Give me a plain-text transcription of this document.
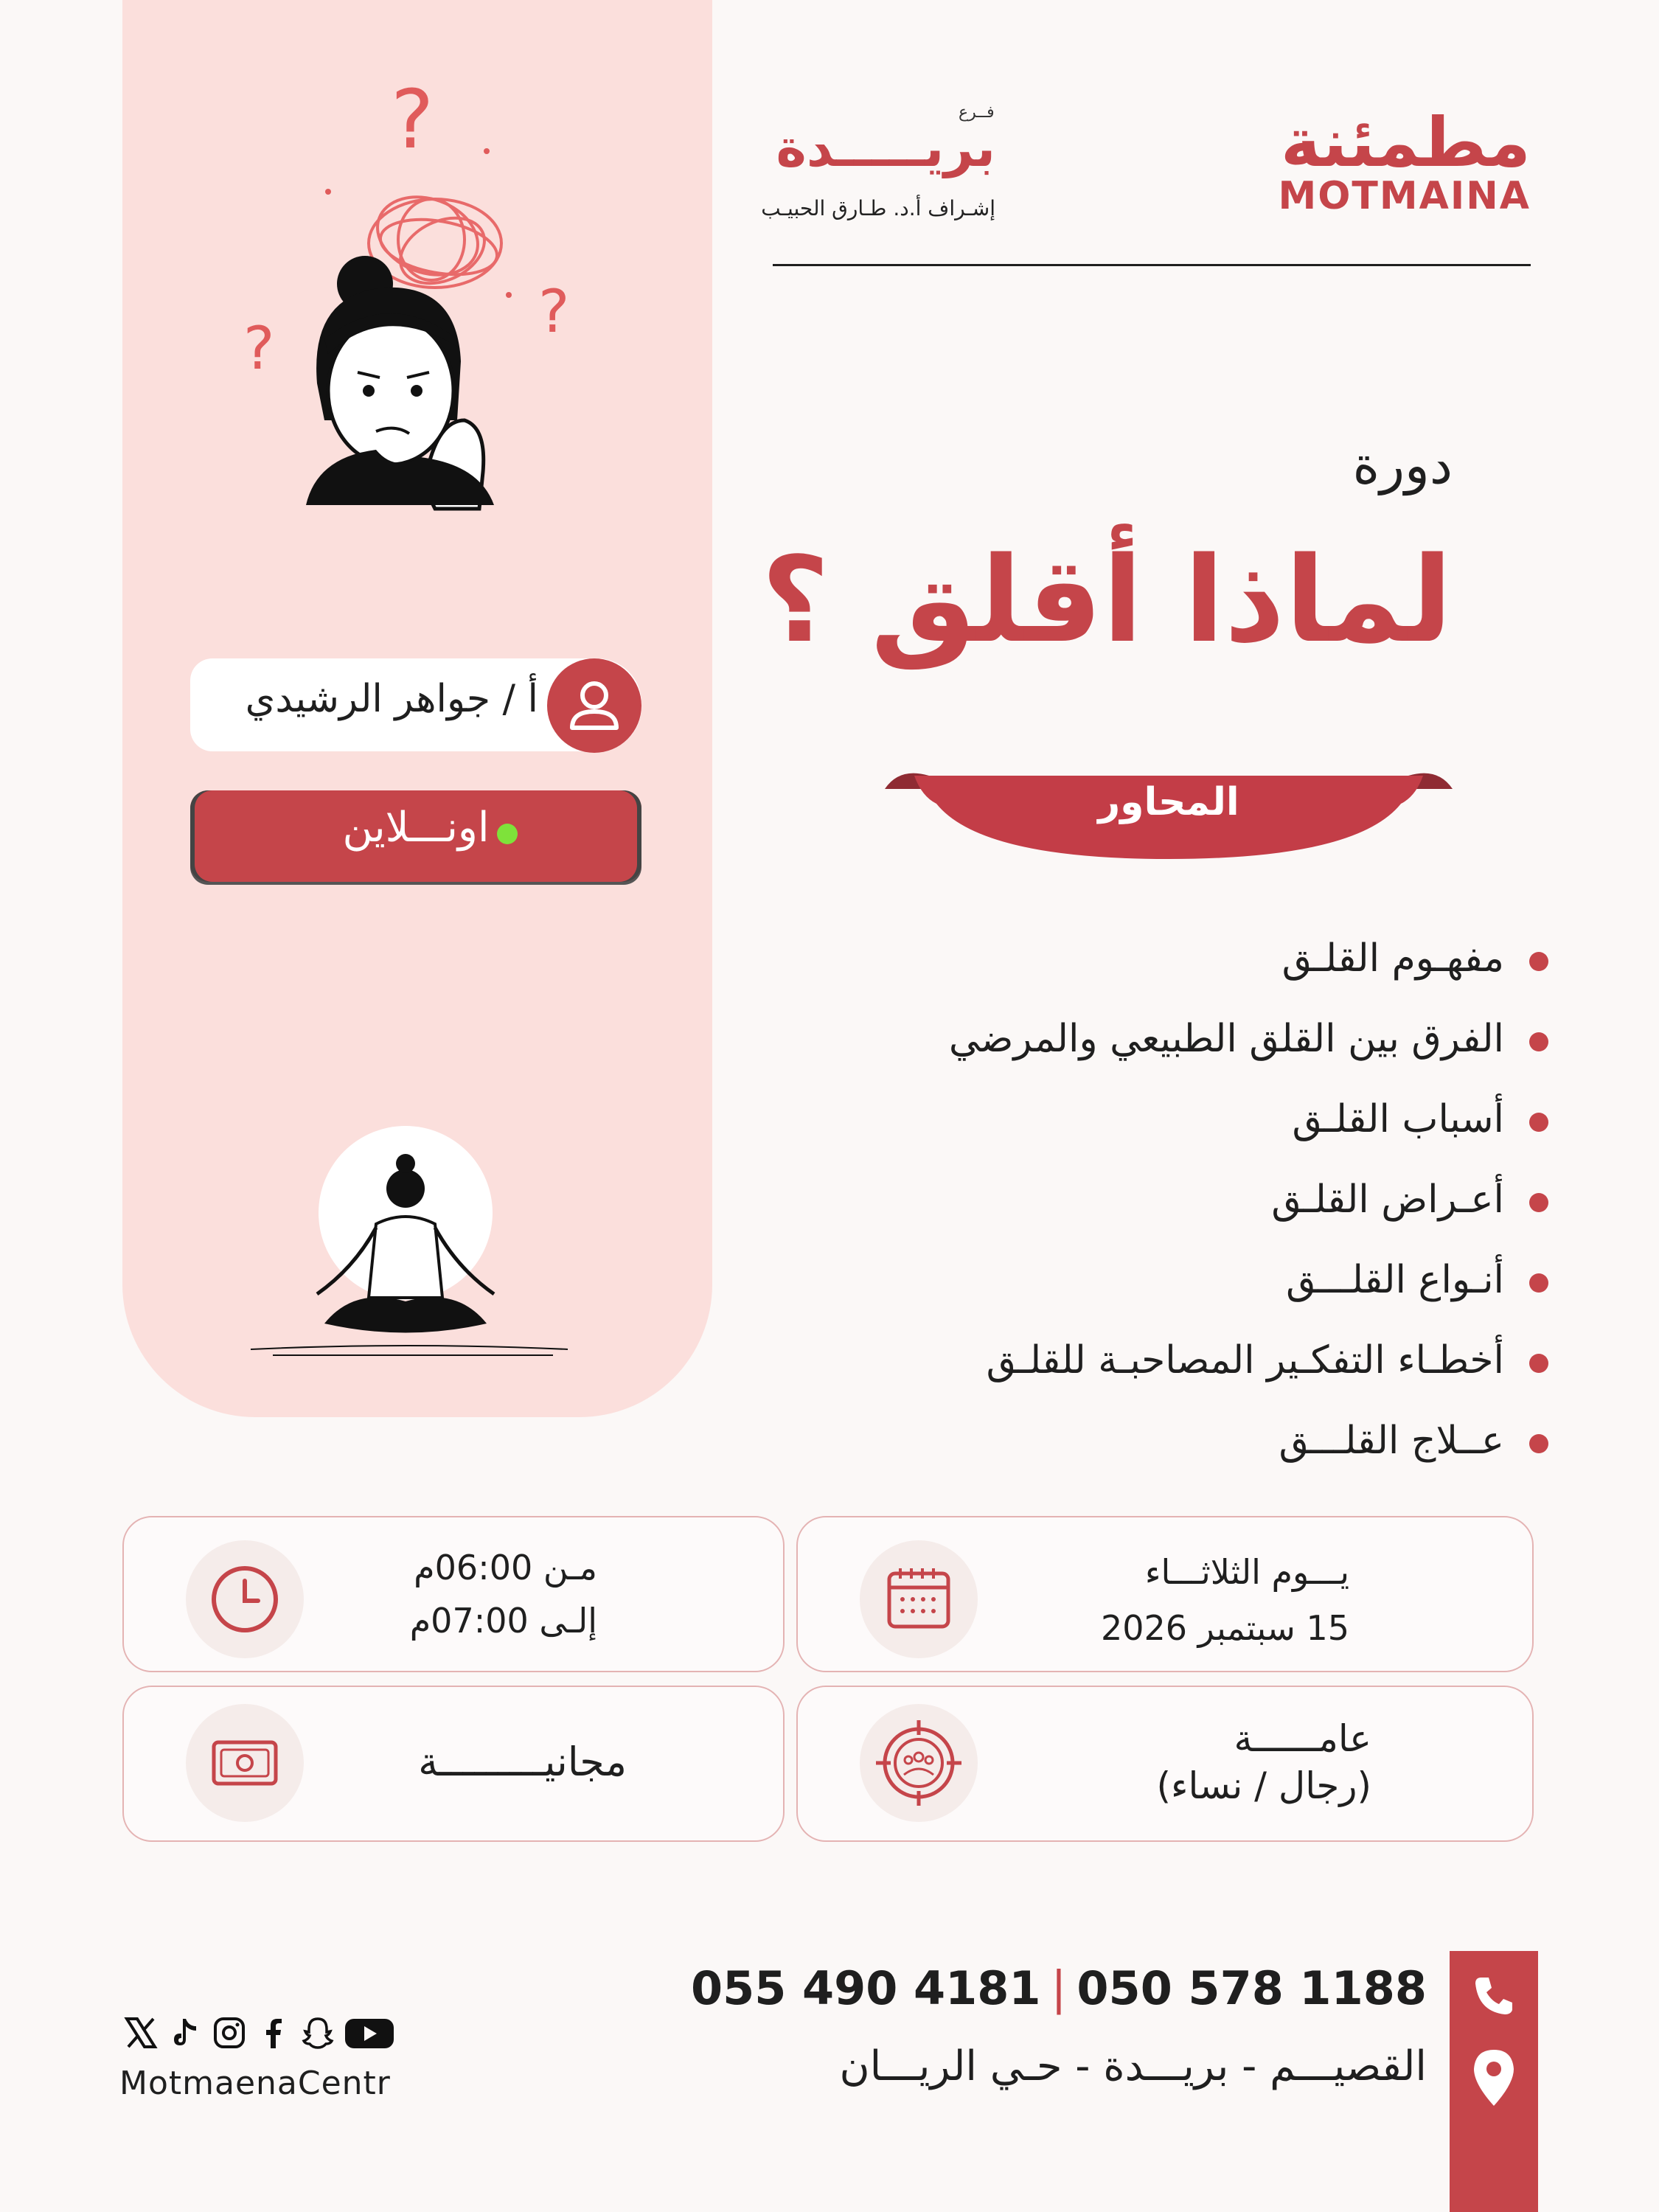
?
?
?
أ / جواهر الرشيدي
اونـــلاين
مطمئنة
MOTMAINA
فــرع
بريـــــدة
إشـراف أ.د. طـارق الحبيـب
دورة
لماذا أقلق ؟
المحاور
مفهـوم القلـق
الفرق بين القلق الطبيعي والمرضي
أسباب القلـق
أعـراض القلـق
أنـواع القلـــق
أخطـاء التفكـير المصاحبـة للقلـق
عــلاج القلـــق
مـن 06:00م
إلـى 07:00م
يـــوم الثلاثـــاء
15 سبتمبر 2026
مجانيـــــــــة	عامــــــة
(رجال / نساء)
055 490 4181 | 050 578 1188
القصيـــم - بريـــدة - حـي الريـــان
MotmaenaCentr
